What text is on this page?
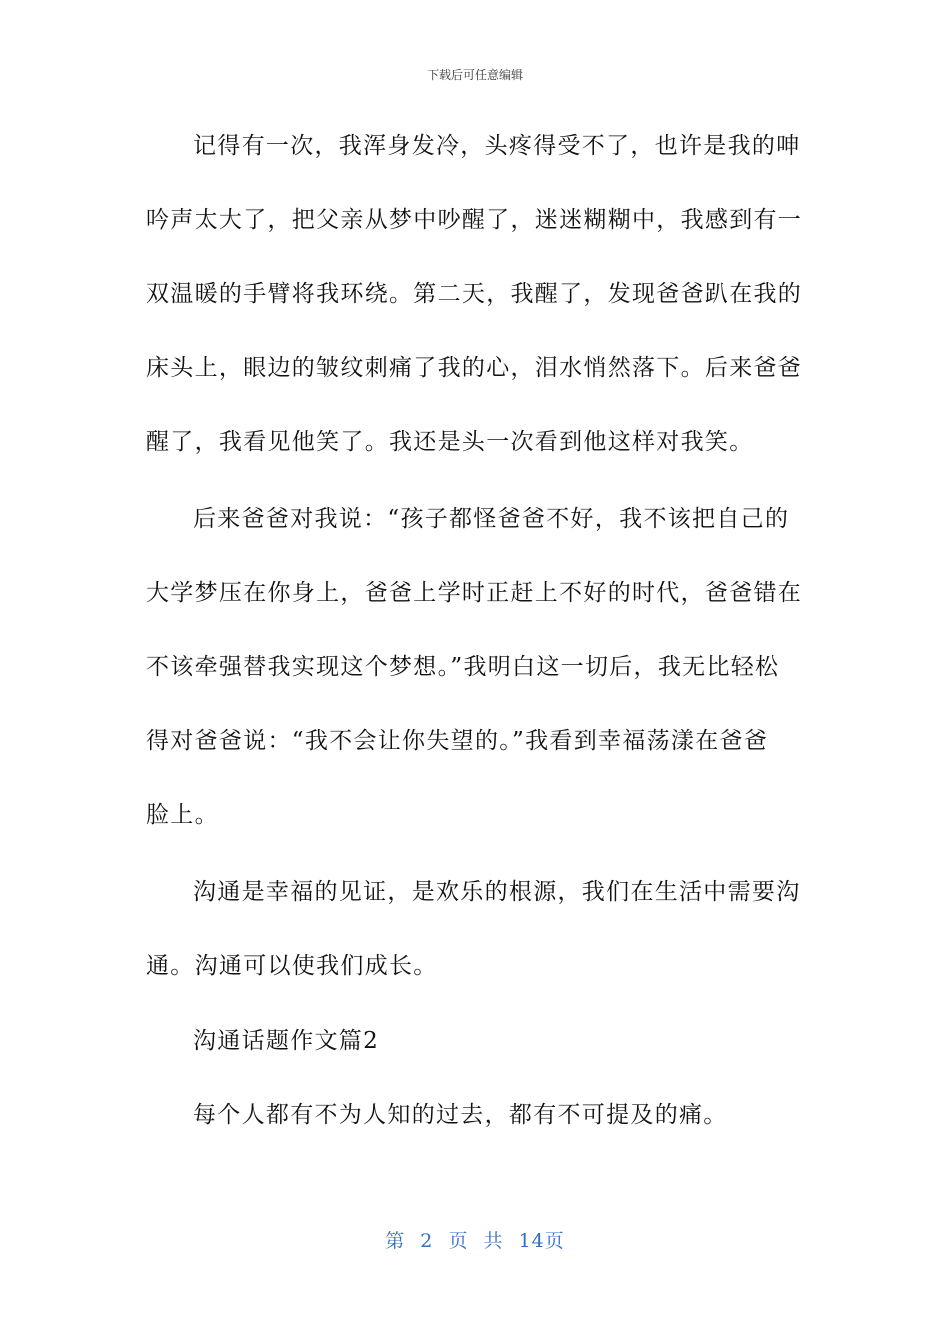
下载后可任意编辑
记得有一次，我浑身发冷，头疼得受不了，也许是我的呻
吟声太大了，把父亲从梦中吵醒了，迷迷糊糊中，我感到有一
双温暖的手臂将我环绕。第二天，我醒了，发现爸爸趴在我的
床头上，眼边的皱纹刺痛了我的心，泪水悄然落下。后来爸爸
醒了，我看见他笑了。我还是头一次看到他这样对我笑。
后来爸爸对我说：“孩子都怪爸爸不好，我不该把自己的
大学梦压在你身上，爸爸上学时正赶上不好的时代，爸爸错在
不该牵强替我实现这个梦想。”我明白这一切后，我无比轻松
得对爸爸说：“我不会让你失望的。”我看到幸福荡漾在爸爸
脸上。
沟通是幸福的见证，是欢乐的根源，我们在生活中需要沟
通。沟通可以使我们成长。
沟通话题作文篇2
每个人都有不为人知的过去，都有不可提及的痛。
第 2 页 共 14页
